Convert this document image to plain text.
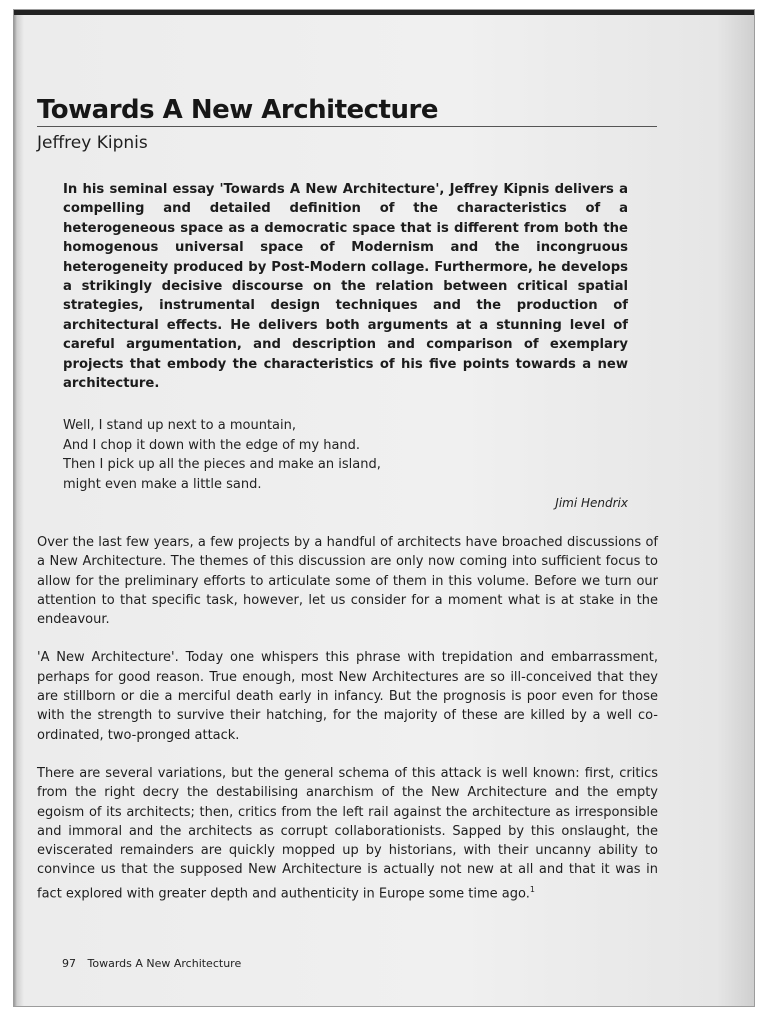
Towards A New Architecture

Jeffrey Kipnis

In his seminal essay 'Towards A New Architecture', Jeffrey Kipnis delivers a compelling and detailed definition of the characteristics of a heterogeneous space as a democratic space that is different from both the homogenous universal space of Modernism and the incongruous heterogeneity produced by Post-Modern collage. Furthermore, he develops a strikingly decisive discourse on the relation between critical spatial strategies, instrumental design techniques and the production of architectural effects. He delivers both arguments at a stunning level of careful argumentation, and description and comparison of exemplary projects that embody the characteristics of his five points towards a new architecture.

Well, I stand up next to a mountain,

And I chop it down with the edge of my hand.

Then I pick up all the pieces and make an island,

might even make a little sand.

Jimi Hendrix

Over the last few years, a few projects by a handful of architects have broached discussions of a New Architecture. The themes of this discussion are only now coming into sufficient focus to allow for the preliminary efforts to articulate some of them in this volume. Before we turn our attention to that specific task, however, let us consider for a moment what is at stake in the endeavour.

'A New Architecture'. Today one whispers this phrase with trepidation and embarrassment, perhaps for good reason. True enough, most New Architectures are so ill-conceived that they are stillborn or die a merciful death early in infancy. But the prognosis is poor even for those with the strength to survive their hatching, for the majority of these are killed by a well co-ordinated, two-pronged attack.

There are several variations, but the general schema of this attack is well known: first, critics from the right decry the destabilising anarchism of the New Architecture and the empty egoism of its architects; then, critics from the left rail against the architecture as irresponsible and immoral and the architects as corrupt collaborationists. Sapped by this onslaught, the eviscerated remainders are quickly mopped up by historians, with their uncanny ability to convince us that the supposed New Architecture is actually not new at all and that it was in fact explored with greater depth and authenticity in Europe some time ago.$^1$

97 Towards A New Architecture
